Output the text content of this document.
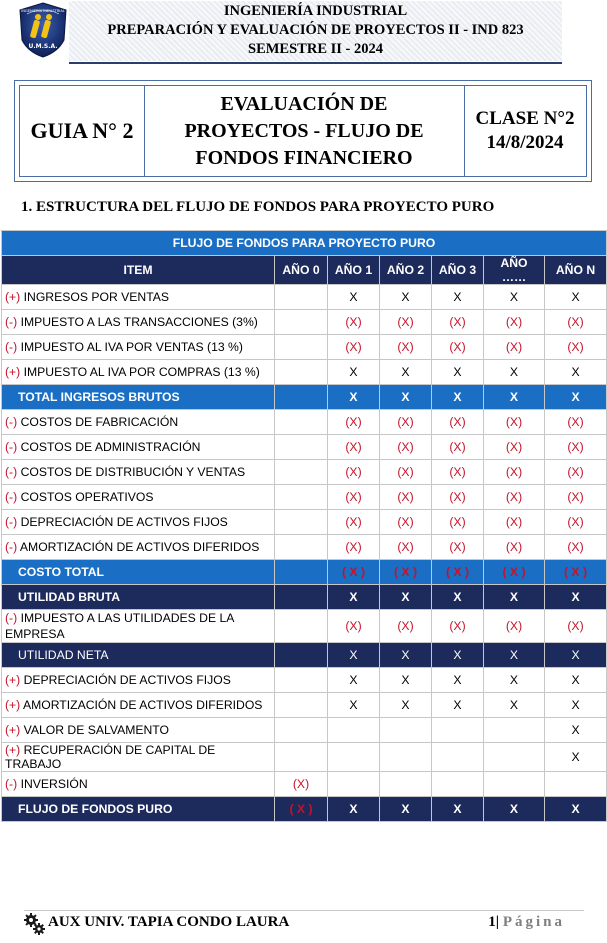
INGENIERÍA INDUSTRIAL
U.M.S.A.
INGENIERÍA INDUSTRIAL
PREPARACIÓN Y EVALUACIÓN DE PROYECTOS II - IND 823
SEMESTRE II - 2024
GUIA N° 2
EVALUACIÓN DE
PROYECTOS - FLUJO DE
FONDOS FINANCIERO
CLASE N°2
14/8/2024
1. ESTRUCTURA DEL FLUJO DE FONDOS PARA PROYECTO PURO
FLUJO DE FONDOS PARA PROYECTO PURO						
ITEM	AÑO 0	AÑO 1	AÑO 2	AÑO 3	AÑO ……	AÑO N
(+) INGRESOS POR VENTAS		X	X	X	X	X
(-) IMPUESTO A LAS TRANSACCIONES (3%)		(X)	(X)	(X)	(X)	(X)
(-) IMPUESTO AL IVA POR VENTAS (13 %)		(X)	(X)	(X)	(X)	(X)
(+) IMPUESTO AL IVA POR COMPRAS (13 %)		X	X	X	X	X
TOTAL INGRESOS BRUTOS		X	X	X	X	X
(-) COSTOS DE FABRICACIÓN		(X)	(X)	(X)	(X)	(X)
(-) COSTOS DE ADMINISTRACIÓN		(X)	(X)	(X)	(X)	(X)
(-) COSTOS DE DISTRIBUCIÓN Y VENTAS		(X)	(X)	(X)	(X)	(X)
(-) COSTOS OPERATIVOS		(X)	(X)	(X)	(X)	(X)
(-) DEPRECIACIÓN DE ACTIVOS FIJOS		(X)	(X)	(X)	(X)	(X)
(-) AMORTIZACIÓN DE ACTIVOS DIFERIDOS		(X)	(X)	(X)	(X)	(X)
COSTO TOTAL		( X )	( X )	( X )	( X )	( X )
UTILIDAD BRUTA		X	X	X	X	X
(-) IMPUESTO A LAS UTILIDADES DE LA EMPRESA		(X)	(X)	(X)	(X)	(X)
UTILIDAD NETA		X	X	X	X	X
(+) DEPRECIACIÓN DE ACTIVOS FIJOS		X	X	X	X	X
(+) AMORTIZACIÓN DE ACTIVOS DIFERIDOS		X	X	X	X	X
(+) VALOR DE SALVAMENTO						X
(+) RECUPERACIÓN DE CAPITAL DE TRABAJO						X
(-) INVERSIÓN	(X)					
FLUJO DE FONDOS PURO	( X )	X	X	X	X	X
AUX UNIV. TAPIA CONDO LAURA	1| Página
